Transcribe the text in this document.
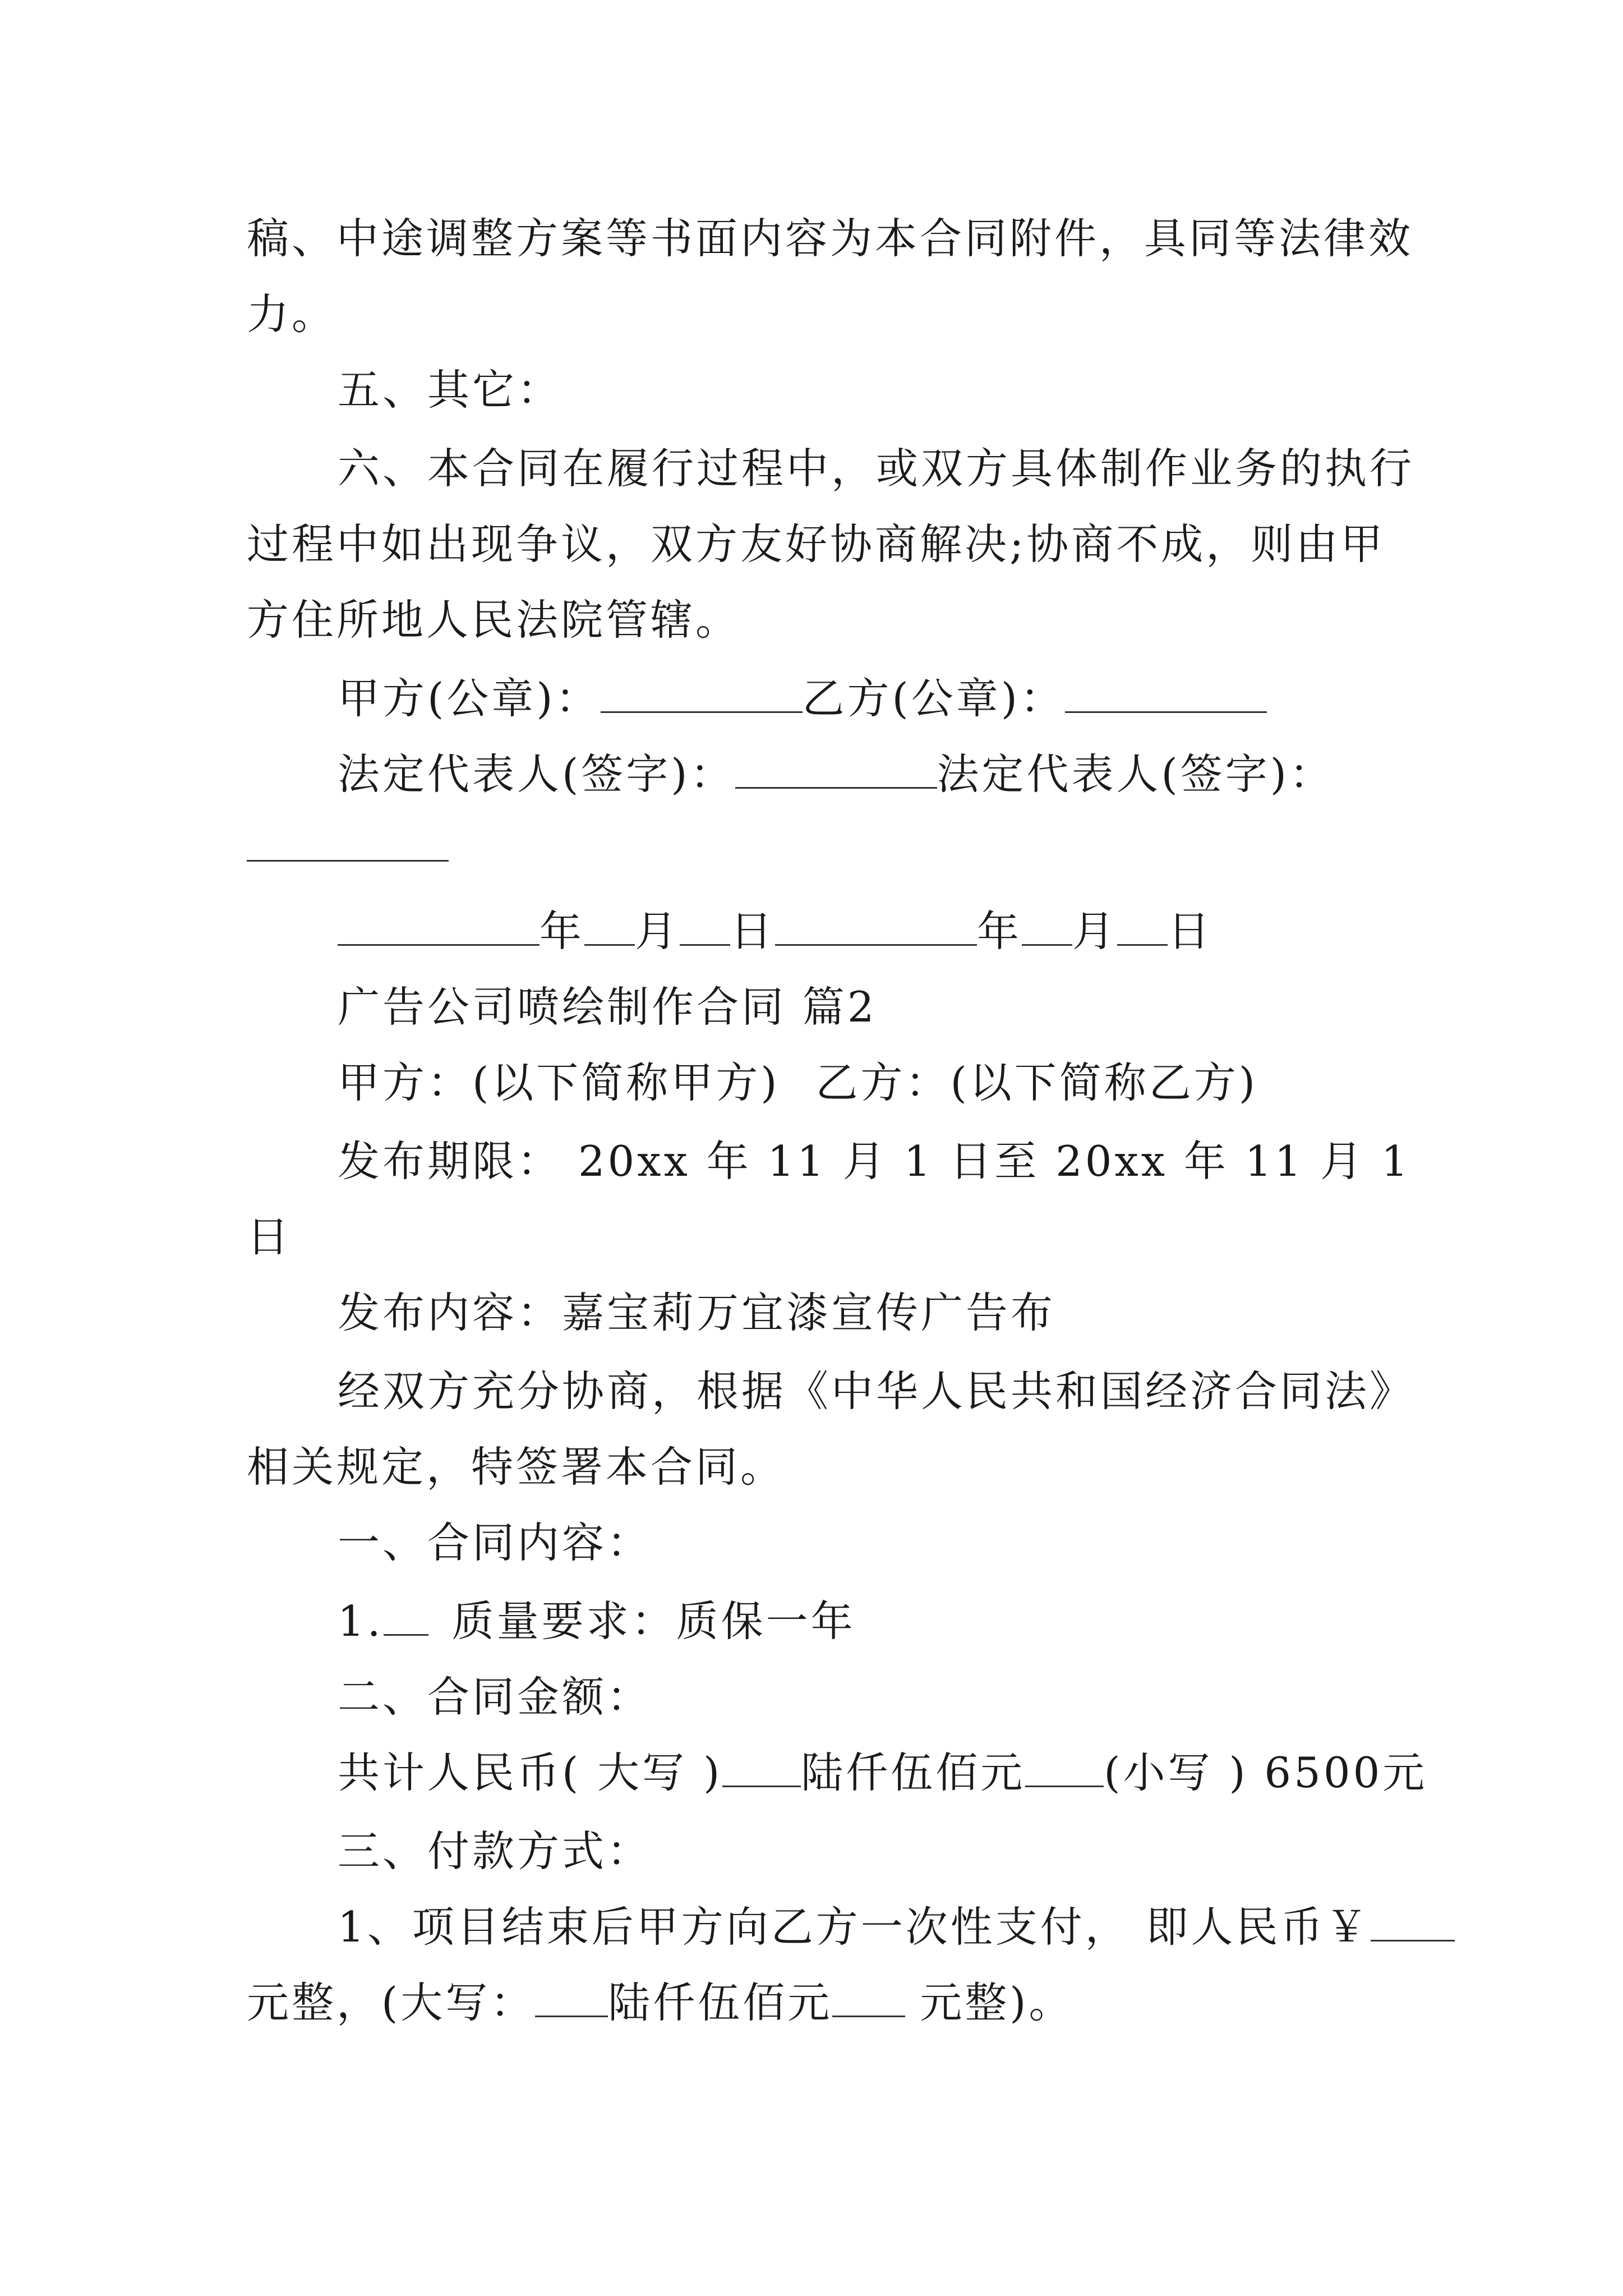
稿、中途调整方案等书面内容为本合同附件，具同等法律效
力。
五、其它：
六、本合同在履行过程中，或双方具体制作业务的执行
过程中如出现争议，双方友好协商解决;协商不成，则由甲
方住所地人民法院管辖。
甲方(公章)：	乙方(公章)：
法定代表人(签字)：	法定代表人(签字)：
年 月 日	年 月 日
广告公司喷绘制作合同 篇2
甲方：(以下简称甲方) 乙方：(以下简称乙方)
发布期限： 20xx 年 11 月 1 日至 20xx 年 11 月 1
日
发布内容：嘉宝莉万宜漆宣传广告布
经双方充分协商，根据《中华人民共和国经济合同法》
相关规定，特签署本合同。
一、合同内容：
1. 质量要求：质保一年
二、合同金额：
共计人民币( 大写 ) 陆仟伍佰元 (小写 ) 6500元
三、付款方式：
1、项目结束后甲方向乙方一次性支付， 即人民币￥
元整，(大写： 陆仟伍佰元 元整)。
